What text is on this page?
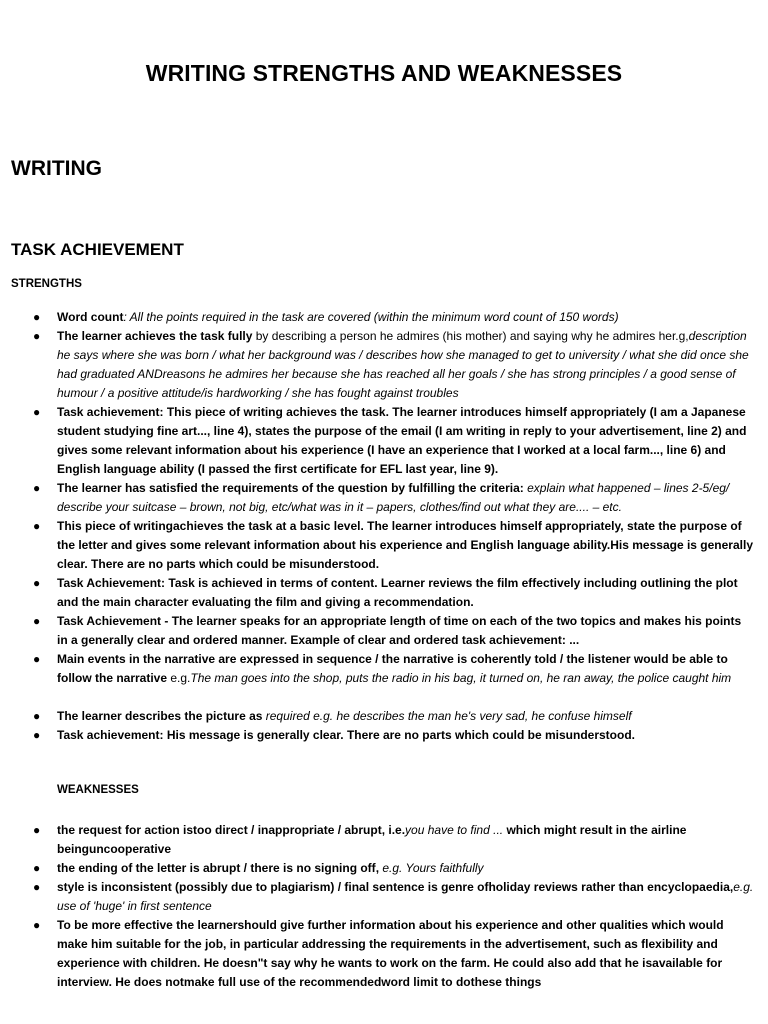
WRITING STRENGTHS AND WEAKNESSES
WRITING
TASK ACHIEVEMENT
STRENGTHS
● Word count: All the points required in the task are covered (within the minimum word count of 150 words)
● The learner achieves the task fully by describing a person he admires (his mother) and saying why he admires her.g,description he says where she was born / what her background was / describes how she managed to get to university / what she did once she had graduated ANDreasons he admires her because she has reached all her goals / she has strong principles / a good sense of humour / a positive attitude/is hardworking / she has fought against troubles
● Task achievement: This piece of writing achieves the task. The learner introduces himself appropriately (I am a Japanese student studying fine art..., line 4), states the purpose of the email (I am writing in reply to your advertisement, line 2) and gives some relevant information about his experience (I have an experience that I worked at a local farm..., line 6) and English language ability (I passed the first certificate for EFL last year, line 9).
● The learner has satisfied the requirements of the question by fulfilling the criteria: explain what happened – lines 2-5/eg/ describe your suitcase – brown, not big, etc/what was in it – papers, clothes/find out what they are.... – etc.
● This piece of writingachieves the task at a basic level. The learner introduces himself appropriately, state the purpose of the letter and gives some relevant information about his experience and English language ability.His message is generally clear. There are no parts which could be misunderstood.
● Task Achievement: Task is achieved in terms of content. Learner reviews the film effectively including outlining the plot and the main character evaluating the film and giving a recommendation.
● Task Achievement - The learner speaks for an appropriate length of time on each of the two topics and makes his points in a generally clear and ordered manner. Example of clear and ordered task achievement: ...
● Main events in the narrative are expressed in sequence / the narrative is coherently told / the listener would be able to follow the narrative e.g.The man goes into the shop, puts the radio in his bag, it turned on, he ran away, the police caught him
● The learner describes the picture as required e.g. he describes the man he's very sad, he confuse himself
● Task achievement: His message is generally clear. There are no parts which could be misunderstood.
WEAKNESSES
● the request for action istoo direct / inappropriate / abrupt, i.e.you have to find ... which might result in the airline beinguncooperative
● the ending of the letter is abrupt / there is no signing off, e.g. Yours faithfully
● style is inconsistent (possibly due to plagiarism) / final sentence is genre ofholiday reviews rather than encyclopaedia,e.g. use of 'huge' in first sentence
● To be more effective the learnershould give further information about his experience and other qualities which would make him suitable for the job, in particular addressing the requirements in the advertisement, such as flexibility and experience with children. He doesn"t say why he wants to work on the farm. He could also add that he isavailable for interview. He does notmake full use of the recommendedword limit to dothese things
